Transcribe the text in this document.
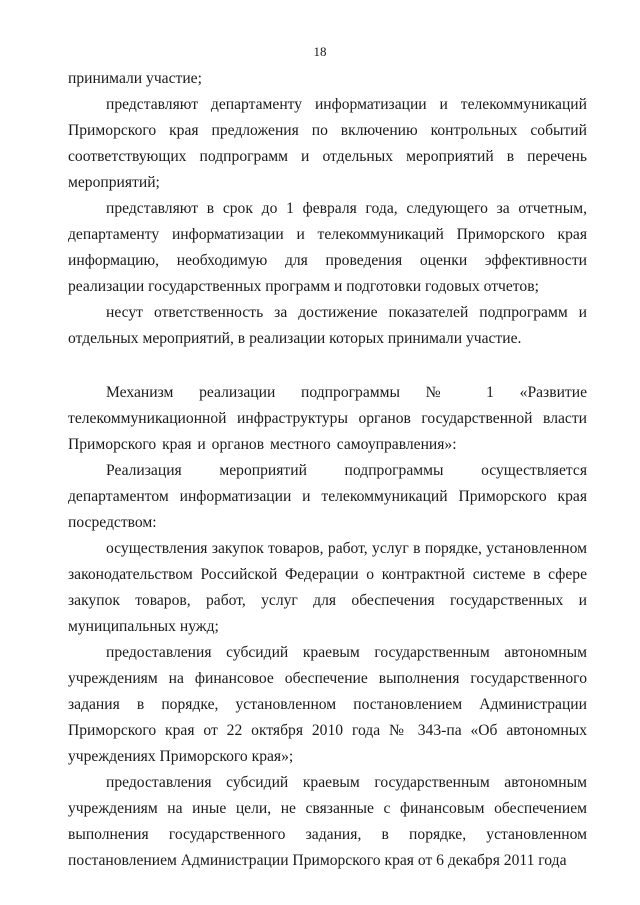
18

принимали участие;

представляют департаменту информатизации и телекоммуникаций Приморского края предложения по включению контрольных событий соответствующих подпрограмм и отдельных мероприятий в перечень мероприятий;

представляют в срок до 1 февраля года, следующего за отчетным, департаменту информатизации и телекоммуникаций Приморского края информацию, необходимую для проведения оценки эффективности реализации государственных программ и подготовки годовых отчетов;

несут ответственность за достижение показателей подпрограмм и отдельных мероприятий, в реализации которых принимали участие.

Механизм реализации подпрограммы № 1 «Развитие телекоммуникационной инфраструктуры органов государственной власти Приморского края и органов местного самоуправления»:

Реализация мероприятий подпрограммы осуществляется департаментом информатизации и телекоммуникаций Приморского края посредством:

осуществления закупок товаров, работ, услуг в порядке, установленном законодательством Российской Федерации о контрактной системе в сфере закупок товаров, работ, услуг для обеспечения государственных и муниципальных нужд;

предоставления субсидий краевым государственным автономным учреждениям на финансовое обеспечение выполнения государственного задания в порядке, установленном постановлением Администрации Приморского края от 22 октября 2010 года № 343-па «Об автономных учреждениях Приморского края»;

предоставления субсидий краевым государственным автономным учреждениям на иные цели, не связанные с финансовым обеспечением выполнения государственного задания, в порядке, установленном постановлением Администрации Приморского края от 6 декабря 2011 года
